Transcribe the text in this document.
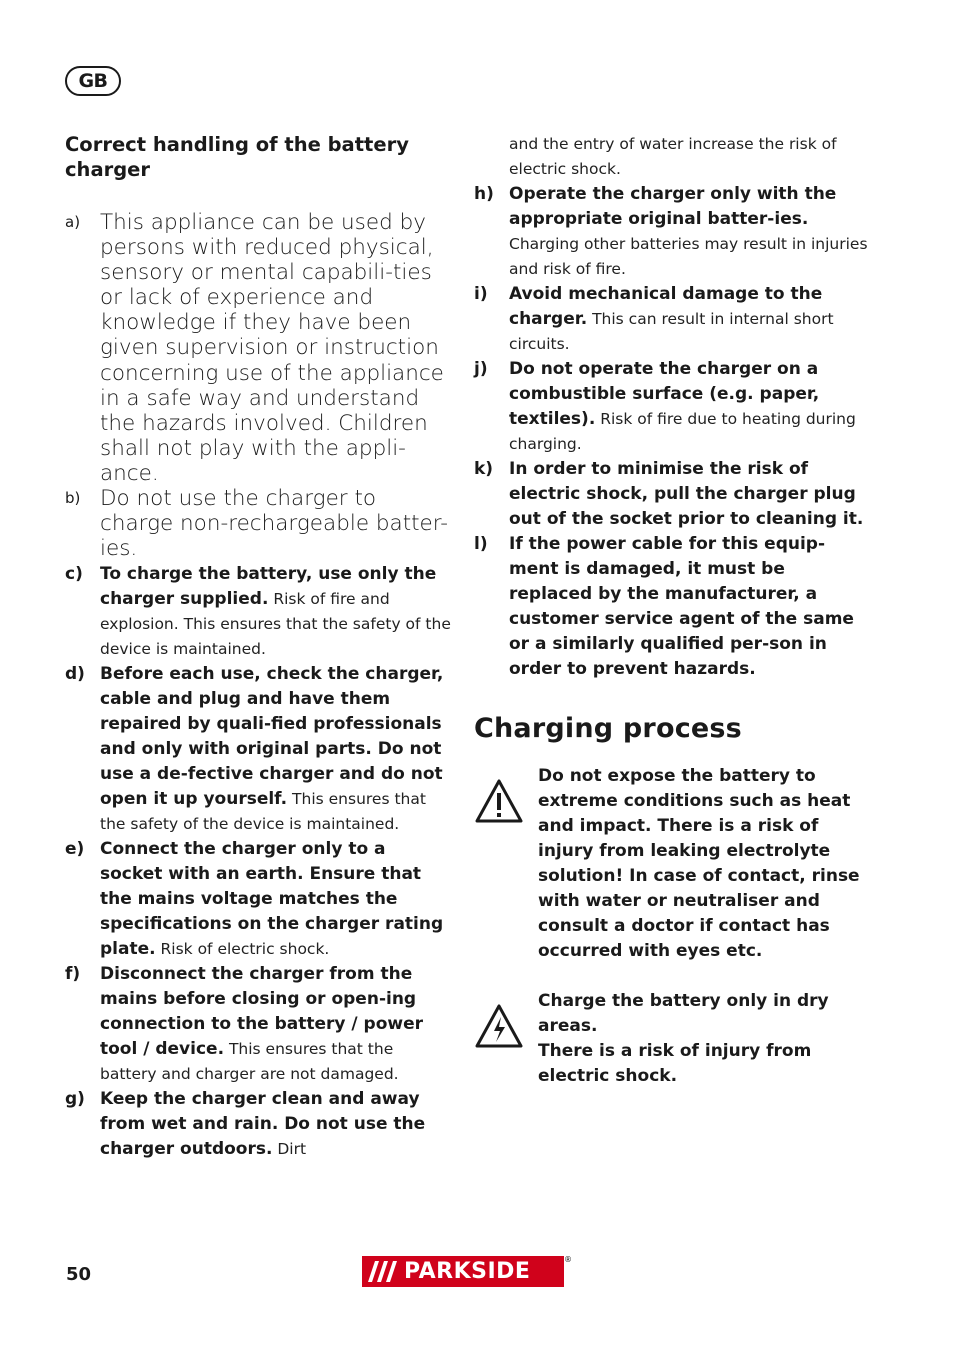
GB
Correct handling of the battery charger
a) This appliance can be used by persons with reduced physical, sensory or mental capabili-ties or lack of experience and knowledge if they have been given supervision or instruction concerning use of the appliance in a safe way and understand the hazards involved. Children shall not play with the appli-ance.
b) Do not use the charger to charge non-rechargeable batter-ies.
c)	To charge the battery, use only the charger supplied. Risk of fire and explosion. This ensures that the safety of the device is maintained.
d) Before each use, check the charger, cable and plug and have them repaired by quali-fied professionals and only with original parts. Do not use a de-fective charger and do not open it up yourself. This ensures that the safety of the device is maintained.
e) Connect the charger only to a socket with an earth. Ensure that the mains voltage matches the specifications on the charger rating plate. Risk of electric shock.
f)	Disconnect the charger from the mains before closing or open-ing connection to the battery / power tool / device. This ensures that the battery and charger are not damaged.
g) Keep the charger clean and away from wet and rain. Do not use the charger outdoors. Dirt
and the entry of water increase the risk of electric shock.
h) Operate the charger only with the appropriate original batter-ies. Charging other batteries may result in injuries and risk of fire.
i)	Avoid mechanical damage to the charger. This can result in internal short circuits.
j)	Do not operate the charger on a combustible surface (e.g. paper, textiles). Risk of fire due to heating during charging.
k) In order to minimise the risk of electric shock, pull the charger plug out of the socket prior to cleaning it.
l)	If the power cable for this equip-ment is damaged, it must be replaced by the manufacturer, a customer service agent of the same or a similarly qualified per-son in order to prevent hazards.
Charging process
Do not expose the battery to extreme conditions such as heat and impact. There is a risk of injury from leaking electrolyte solution! In case of contact, rinse with water or neutraliser and consult a doctor if contact has occurred with eyes etc.
Charge the battery only in dry areas.
There is a risk of injury from electric shock.
50	PARKSIDE	®
